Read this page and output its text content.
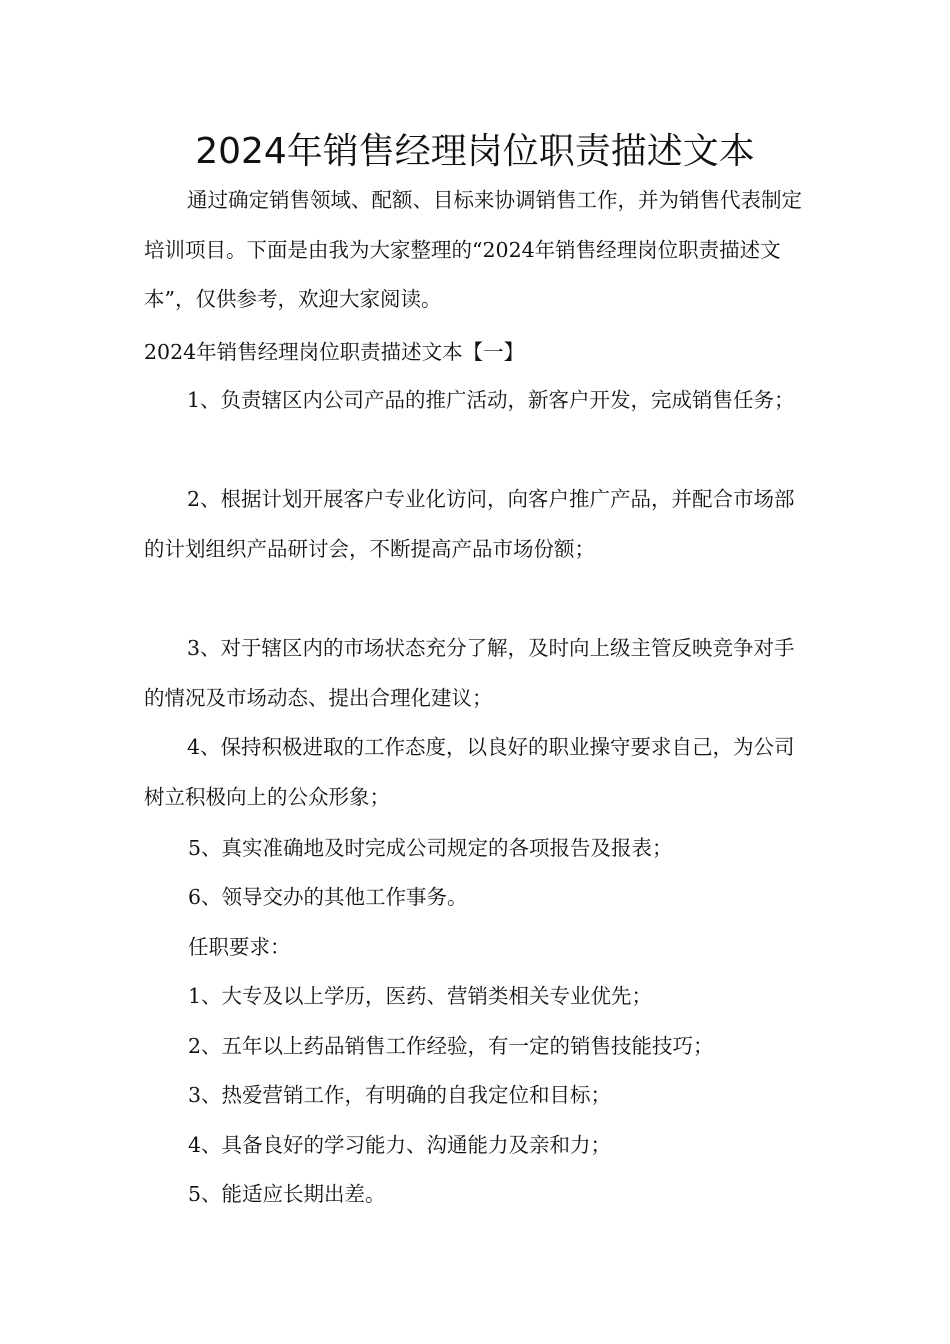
2024年销售经理岗位职责描述文本

通过确定销售领域、配额、目标来协调销售工作，并为销售代表制定培训项目。下面是由我为大家整理的“2024年销售经理岗位职责描述文本”，仅供参考，欢迎大家阅读。

2024年销售经理岗位职责描述文本【一】

1、负责辖区内公司产品的推广活动，新客户开发，完成销售任务；

2、根据计划开展客户专业化访问，向客户推广产品，并配合市场部的计划组织产品研讨会，不断提高产品市场份额；

3、对于辖区内的市场状态充分了解，及时向上级主管反映竞争对手的情况及市场动态、提出合理化建议；

4、保持积极进取的工作态度，以良好的职业操守要求自己，为公司树立积极向上的公众形象；

5、真实准确地及时完成公司规定的各项报告及报表；

6、领导交办的其他工作事务。

任职要求：

1、大专及以上学历，医药、营销类相关专业优先；

2、五年以上药品销售工作经验，有一定的销售技能技巧；

3、热爱营销工作，有明确的自我定位和目标；

4、具备良好的学习能力、沟通能力及亲和力；

5、能适应长期出差。
